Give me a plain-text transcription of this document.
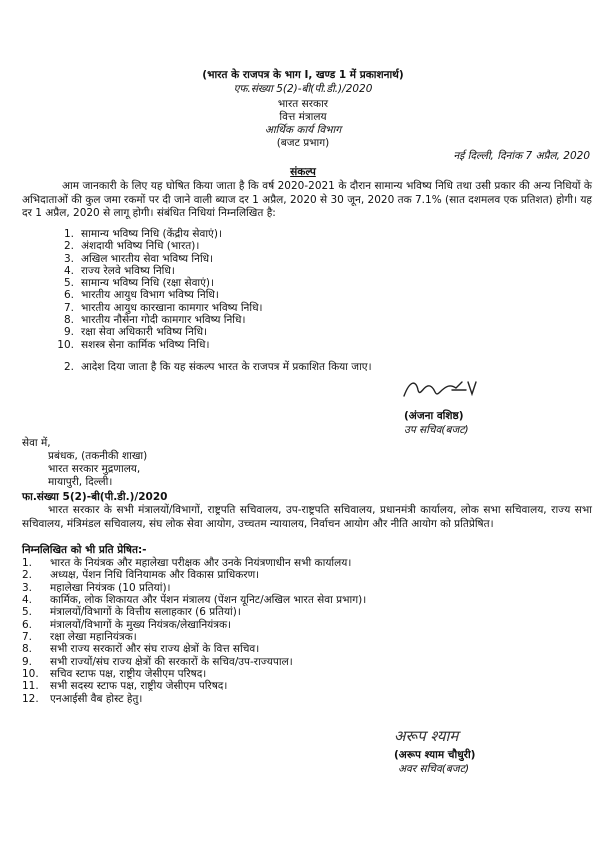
(भारत के राजपत्र के भाग I, खण्ड 1 में प्रकाशनार्थ)
एफ.संख्या 5(2)-बी(पी.डी.)/2020
भारत सरकार
वित्त मंत्रालय
आर्थिक कार्य विभाग
(बजट प्रभाग)
नई दिल्ली, दिनांक 7 अप्रैल, 2020
संकल्प
आम जानकारी के लिए यह घोषित किया जाता है कि वर्ष 2020-2021 के दौरान सामान्य भविष्य निधि तथा उसी प्रकार की अन्य निधियों के अभिदाताओं की कुल जमा रकमों पर दी जाने वाली ब्याज दर 1 अप्रैल, 2020 से 30 जून, 2020 तक 7.1% (सात दशमलव एक प्रतिशत) होगी। यह दर 1 अप्रैल, 2020 से लागू होगी। संबंधित निधियां निम्नलिखित है:
1. सामान्य भविष्य निधि (केंद्रीय सेवाएं)।
2. अंशदायी भविष्य निधि (भारत)।
3. अखिल भारतीय सेवा भविष्य निधि।
4. राज्य रेलवे भविष्य निधि।
5. सामान्य भविष्य निधि (रक्षा सेवाएं)।
6. भारतीय आयुध विभाग भविष्य निधि।
7. भारतीय आयुध कारखाना कामगार भविष्य निधि।
8. भारतीय नौसेना गोदी कामगार भविष्य निधि।
9. रक्षा सेवा अधिकारी भविष्य निधि।
10. सशस्त्र सेना कार्मिक भविष्य निधि।
2. आदेश दिया जाता है कि यह संकल्प भारत के राजपत्र में प्रकाशित किया जाए।
(अंजना वशिष्ठ)
उप सचिव(बजट)
सेवा में,
प्रबंधक, (तकनीकी शाखा)
भारत सरकार मुद्रणालय,
मायापुरी, दिल्ली।
फा.संख्या 5(2)-बी(पी.डी.)/2020
भारत सरकार के सभी मंत्रालयों/विभागों, राष्ट्रपति सचिवालय, उप-राष्ट्रपति सचिवालय, प्रधानमंत्री कार्यालय, लोक सभा सचिवालय, राज्य सभा सचिवालय, मंत्रिमंडल सचिवालय, संघ लोक सेवा आयोग, उच्चतम न्यायालय, निर्वाचन आयोग और नीति आयोग को प्रतिप्रेषित।
निम्नलिखित को भी प्रति प्रेषित:-
1. भारत के नियंत्रक और महालेखा परीक्षक और उनके नियंत्रणाधीन सभी कार्यालय।
2. अध्यक्ष, पेंशन निधि विनियामक और विकास प्राधिकरण।
3. महालेखा नियंत्रक (10 प्रतियां)।
4. कार्मिक, लोक शिकायत और पेंशन मंत्रालय (पेंशन यूनिट/अखिल भारत सेवा प्रभाग)।
5. मंत्रालयों/विभागों के वित्तीय सलाहकार (6 प्रतियां)।
6. मंत्रालयों/विभागों के मुख्य नियंत्रक/लेखानियंत्रक।
7. रक्षा लेखा महानियंत्रक।
8. सभी राज्य सरकारों और संघ राज्य क्षेत्रों के वित्त सचिव।
9. सभी राज्यों/संघ राज्य क्षेत्रों की सरकारों के सचिव/उप-राज्यपाल।
10. सचिव स्टाफ पक्ष, राष्ट्रीय जेसीएम परिषद।
11. सभी सदस्य स्टाफ पक्ष, राष्ट्रीय जेसीएम परिषद।
12. एनआईसी वैब होस्ट हेतु।
अरूप श्याम
(अरूप श्याम चौधुरी)
अवर सचिव(बजट)
